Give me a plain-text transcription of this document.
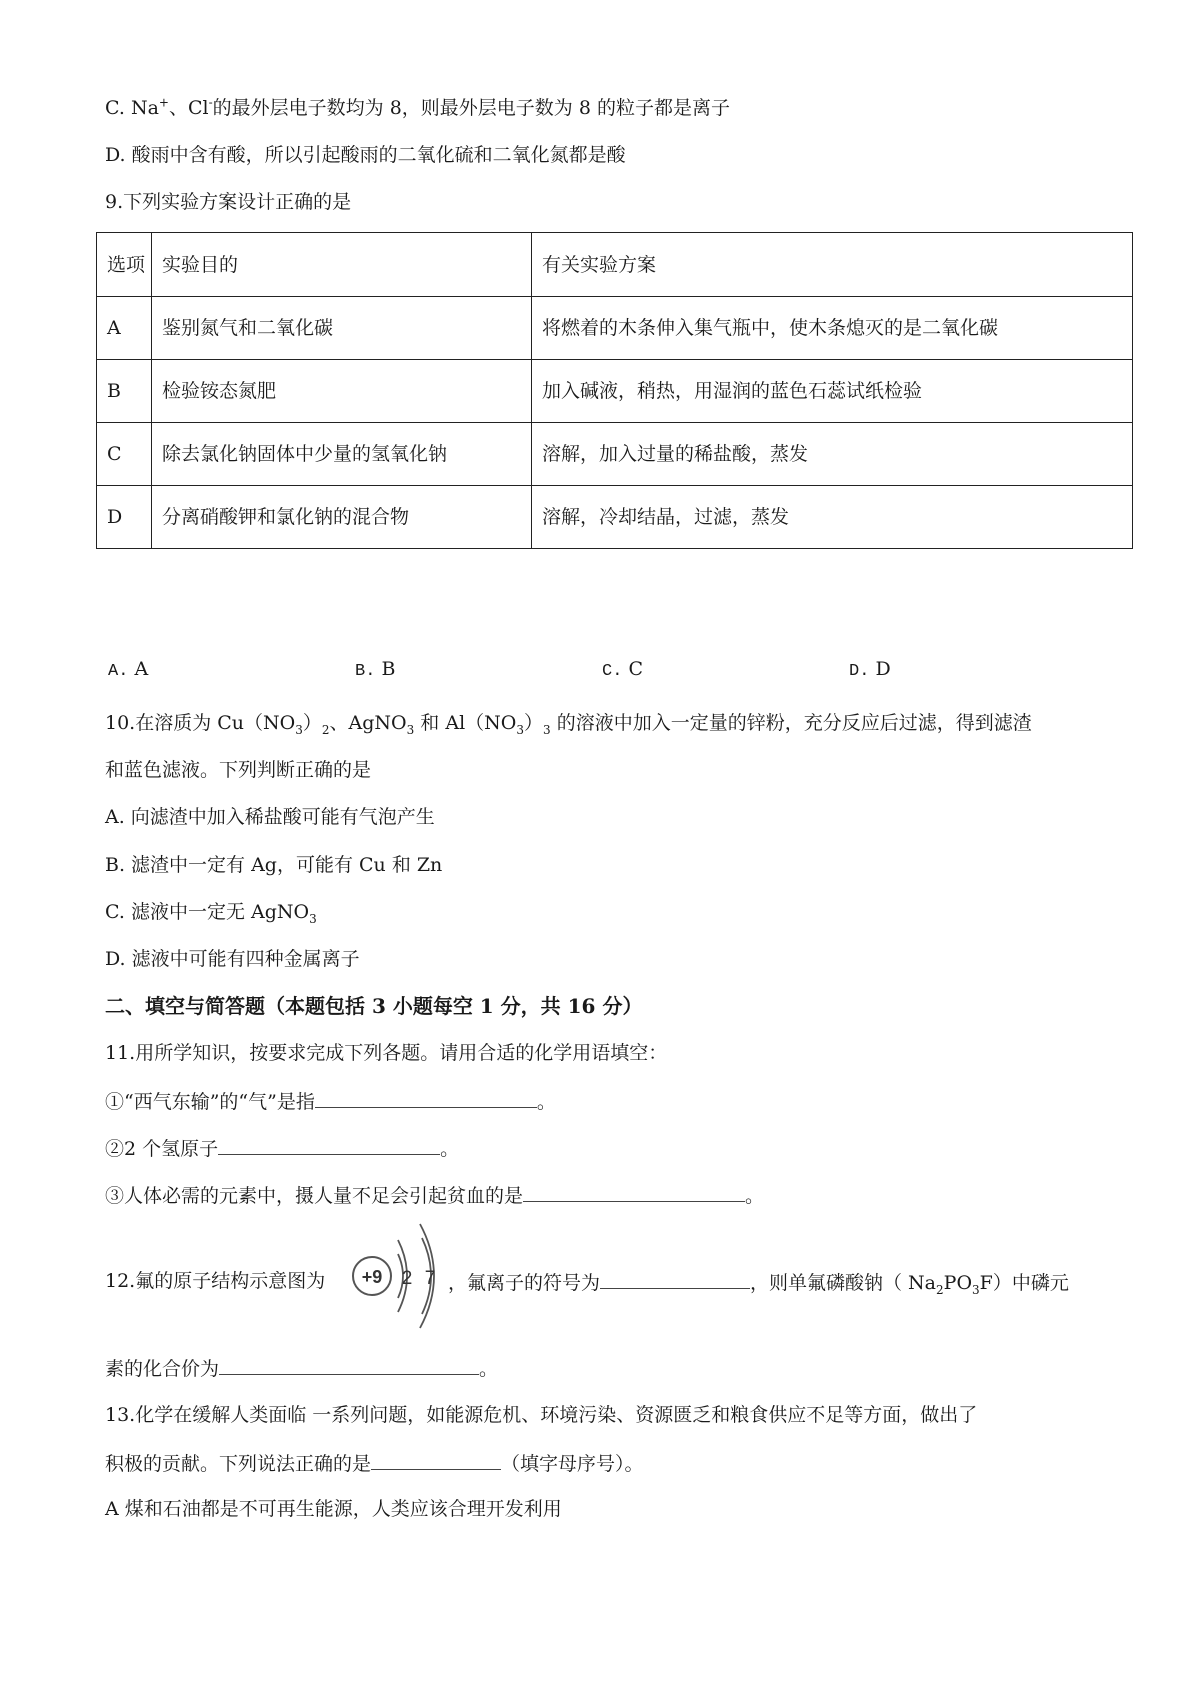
C. Na+、Cl-的最外层电子数均为 8，则最外层电子数为 8 的粒子都是离子
D. 酸雨中含有酸，所以引起酸雨的二氧化硫和二氧化氮都是酸
9.下列实验方案设计正确的是
选项	实验目的	有关实验方案
A	鉴别氮气和二氧化碳	将燃着的木条伸入集气瓶中，使木条熄灭的是二氧化碳
B	检验铵态氮肥	加入碱液，稍热，用湿润的蓝色石蕊试纸检验
C	除去氯化钠固体中少量的氢氧化钠	溶解，加入过量的稀盐酸，蒸发
D	分离硝酸钾和氯化钠的混合物	溶解，冷却结晶，过滤，蒸发
A. A	B. B	C. C	D. D
10.在溶质为 $Cu(NO_3)_2$、AgNO$_3$ 和 $Al(NO_3)_3$ 的溶液中加入一定量的锌粉，充分反应后过滤，得到滤渣
和蓝色滤液。下列判断正确的是
A. 向滤渣中加入稀盐酸可能有气泡产生
B. 滤渣中一定有 Ag，可能有 Cu 和 Zn
C. 滤液中一定无 AgNO$_3$
D. 滤液中可能有四种金属离子
二、填空与简答题（本题包括 3 小题每空 1 分，共 16 分）
11.用所学知识，按要求完成下列各题。请用合适的化学用语填空：
①“西气东输”的“气”是指	。
②2 个氢原子	。
③人体必需的元素中，摄人量不足会引起贫血的是	。
12.氟的原子结构示意图为 +9 2 7 ，氟离子的符号为	，则单氟磷酸钠（ $Na_2PO_3F$）中磷元
素的化合价为	。
13.化学在缓解人类面临 一系列问题，如能源危机、环境污染、资源匮乏和粮食供应不足等方面，做出了
积极的贡献。下列说法正确的是	（填字母序号）。
A 煤和石油都是不可再生能源，人类应该合理开发利用
